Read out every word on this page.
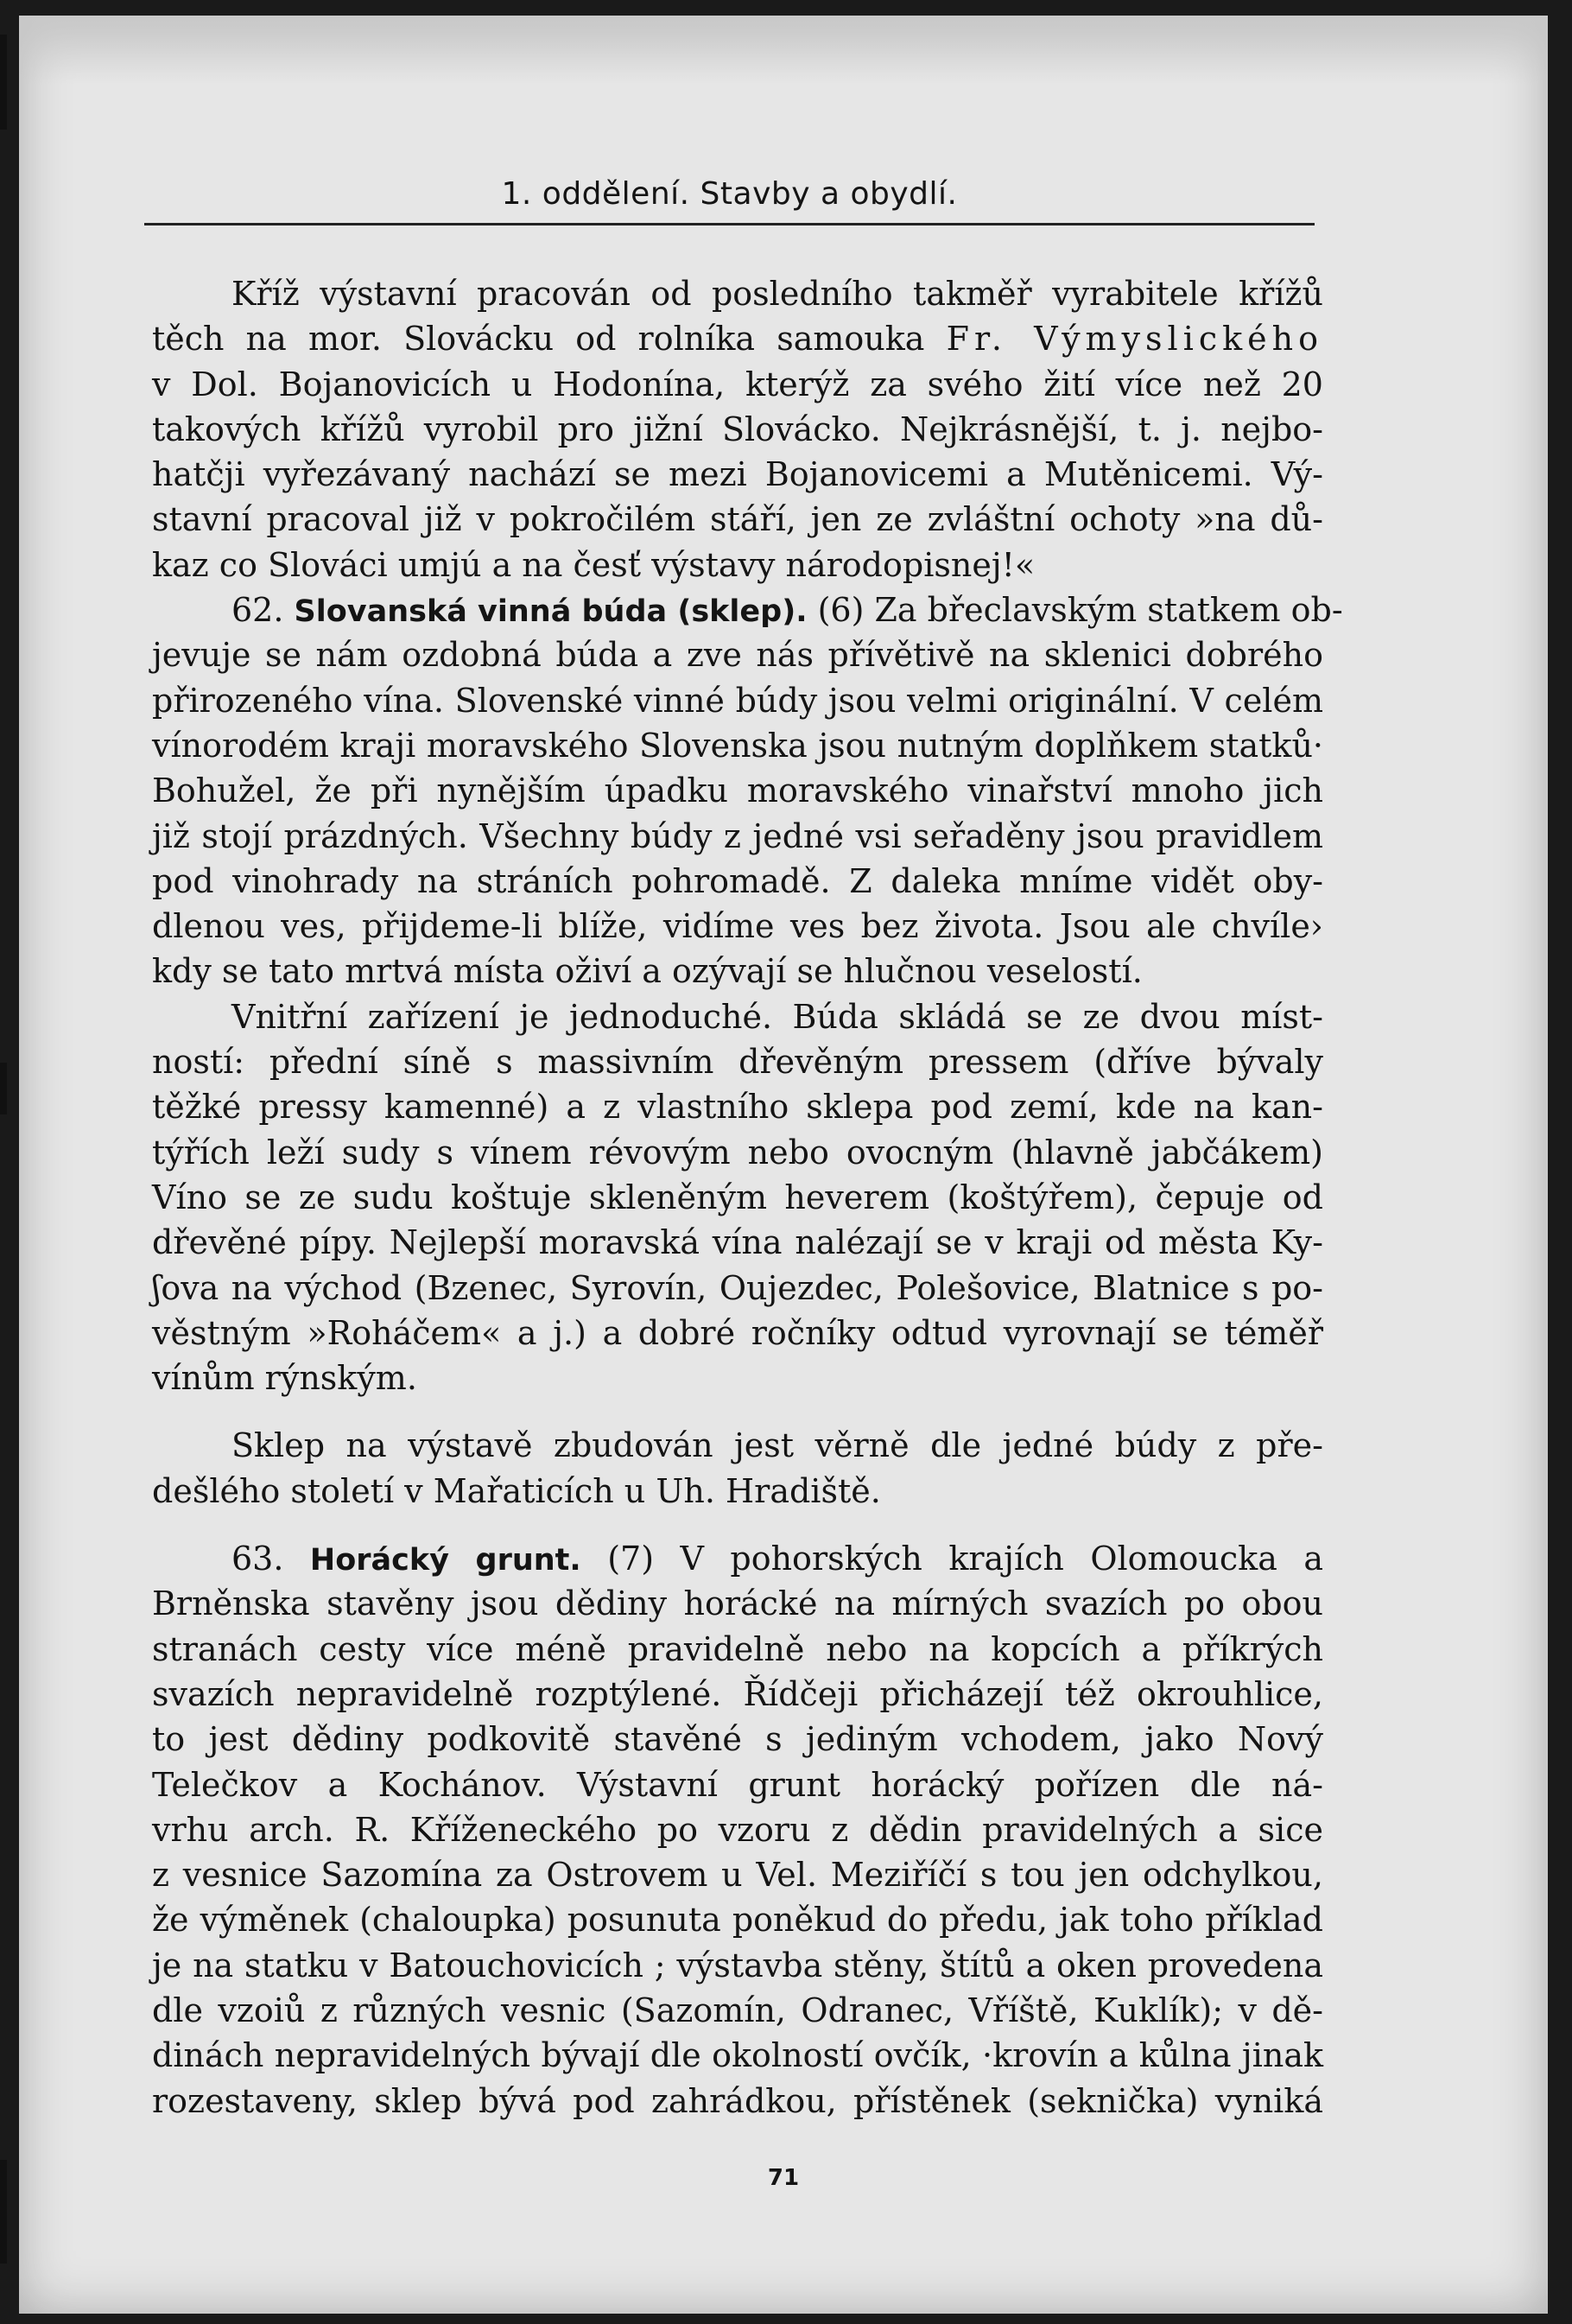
1. oddělení. Stavby a obydlí.
Kříž výstavní pracován od posledního takměř vyrabitele křížů
těch na mor. Slovácku od rolníka samouka Fr. Výmyslického
v Dol. Bojanovicích u Hodonína, kterýž za svého žití více než 20
takových křížů vyrobil pro jižní Slovácko. Nejkrásnější, t. j. nejbo-
hatčji vyřezávaný nachází se mezi Bojanovicemi a Mutěnicemi. Vý-
stavní pracoval již v pokročilém stáří, jen ze zvláštní ochoty »na dů-
kaz co Slováci umjú a na česť výstavy národopisnej!«
62. Slovanská vinná búda (sklep). (6) Za břeclavským statkem ob-
jevuje se nám ozdobná búda a zve nás přívětivě na sklenici dobrého
přirozeného vína. Slovenské vinné búdy jsou velmi originální. V celém
vínorodém kraji moravského Slovenska jsou nutným doplňkem statků·
Bohužel, že při nynějším úpadku moravského vinařství mnoho jich
již stojí prázdných. Všechny búdy z jedné vsi seřaděny jsou pravidlem
pod vinohrady na stráních pohromadě. Z daleka mníme vidět oby-
dlenou ves, přijdeme-li blíže, vidíme ves bez života. Jsou ale chvíle›
kdy se tato mrtvá místa oživí a ozývají se hlučnou veselostí.
Vnitřní zařízení je jednoduché. Búda skládá se ze dvou míst-
ností: přední síně s massivním dřevěným pressem (dříve bývaly
těžké pressy kamenné) a z vlastního sklepa pod zemí, kde na kan-
týřích leží sudy s vínem révovým nebo ovocným (hlavně jabčákem)
Víno se ze sudu koštuje skleněným heverem (koštýřem), čepuje od
dřevěné pípy. Nejlepší moravská vína nalézají se v kraji od města Ky-
ʃova na východ (Bzenec, Syrovín, Oujezdec, Polešovice, Blatnice s po-
věstným »Roháčem« a j.) a dobré ročníky odtud vyrovnají se téměř
vínům rýnským.
Sklep na výstavě zbudován jest věrně dle jedné búdy z pře-
dešlého století v Mařaticích u Uh. Hradiště.
63. Horácký grunt. (7) V pohorských krajích Olomoucka a
Brněnska stavěny jsou dědiny horácké na mírných svazích po obou
stranách cesty více méně pravidelně nebo na kopcích a příkrých
svazích nepravidelně rozptýlené. Řídčeji přicházejí též okrouhlice,
to jest dědiny podkovitě stavěné s jediným vchodem, jako Nový
Telečkov a Kochánov. Výstavní grunt horácký pořízen dle ná-
vrhu arch. R. Kříženeckého po vzoru z dědin pravidelných a sice
z vesnice Sazomína za Ostrovem u Vel. Meziříčí s tou jen odchylkou,
že výměnek (chaloupka) posunuta poněkud do předu, jak toho příklad
je na statku v Batouchovicích ; výstavba stěny, štítů a oken provedena
dle vzoiů z různých vesnic (Sazomín, Odranec, Vříště, Kuklík); v dě-
dinách nepravidelných bývají dle okolností ovčík, ·krovín a kůlna jinak
rozestaveny, sklep bývá pod zahrádkou, přístěnek (seknička) vyniká
71
